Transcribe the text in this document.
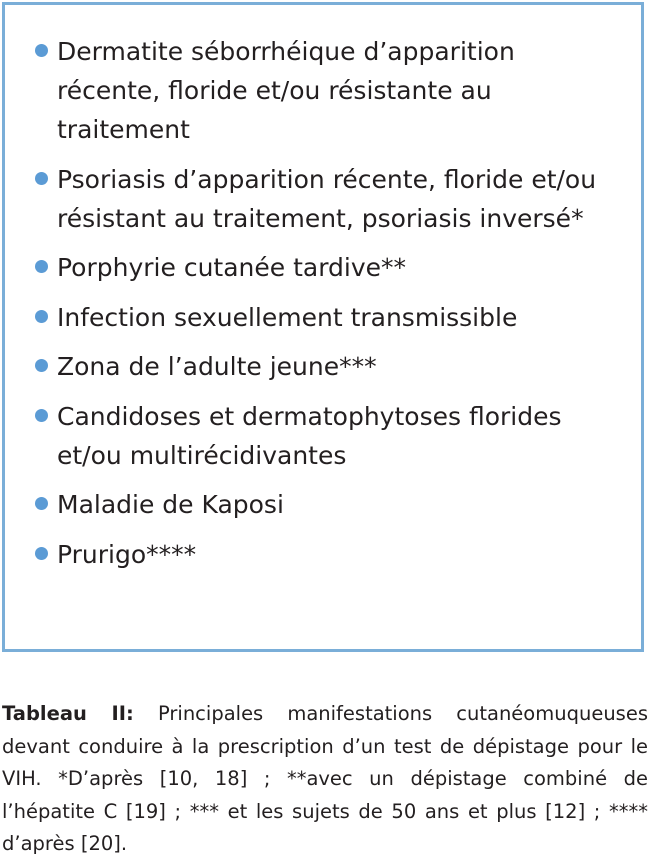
Dermatite séborrhéique d’apparition récente, floride et/ou résistante au traitement
Psoriasis d’apparition récente, floride et/ou résistant au traitement, psoriasis inversé*
Porphyrie cutanée tardive**
Infection sexuellement transmissible
Zona de l’adulte jeune***
Candidoses et dermatophytoses florides et/ou multirécidivantes
Maladie de Kaposi
Prurigo****

Tableau II: Principales manifestations cutanéomuqueuses devant conduire à la prescription d’un test de dépistage pour le VIH. *D’après [10, 18] ; **avec un dépistage combiné de l’hépatite C [19] ; *** et les sujets de 50 ans et plus [12] ; **** d’après [20].
